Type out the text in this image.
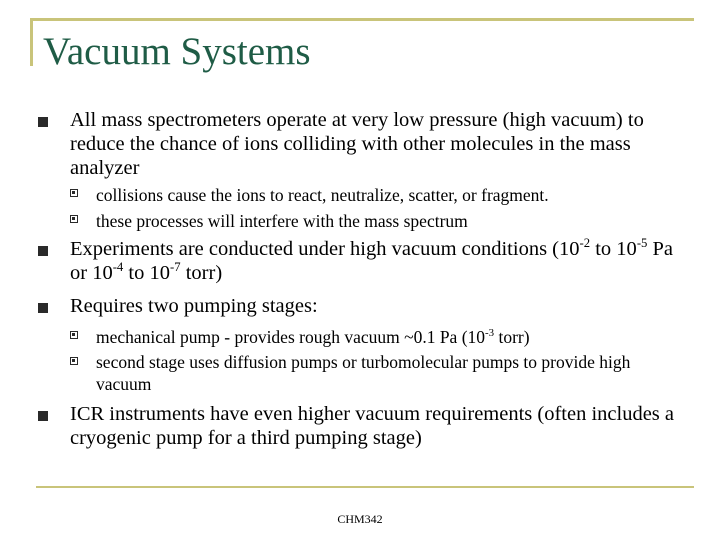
Vacuum Systems
All mass spectrometers operate at very low pressure (high vacuum) to reduce the chance of ions colliding with other molecules in the mass analyzer
collisions cause the ions to react, neutralize, scatter, or fragment.
these processes will interfere with the mass spectrum
Experiments are conducted under high vacuum conditions ($10^{-2}$ to $10^{-5}$ Pa or $10^{-4}$ to $10^{-7}$ torr)
Requires two pumping stages:
mechanical pump - provides rough vacuum ~0.1 Pa ($10^{-3}$ torr)
second stage uses diffusion pumps or turbomolecular pumps to provide high vacuum
ICR instruments have even higher vacuum requirements (often includes a cryogenic pump for a third pumping stage)
CHM342
